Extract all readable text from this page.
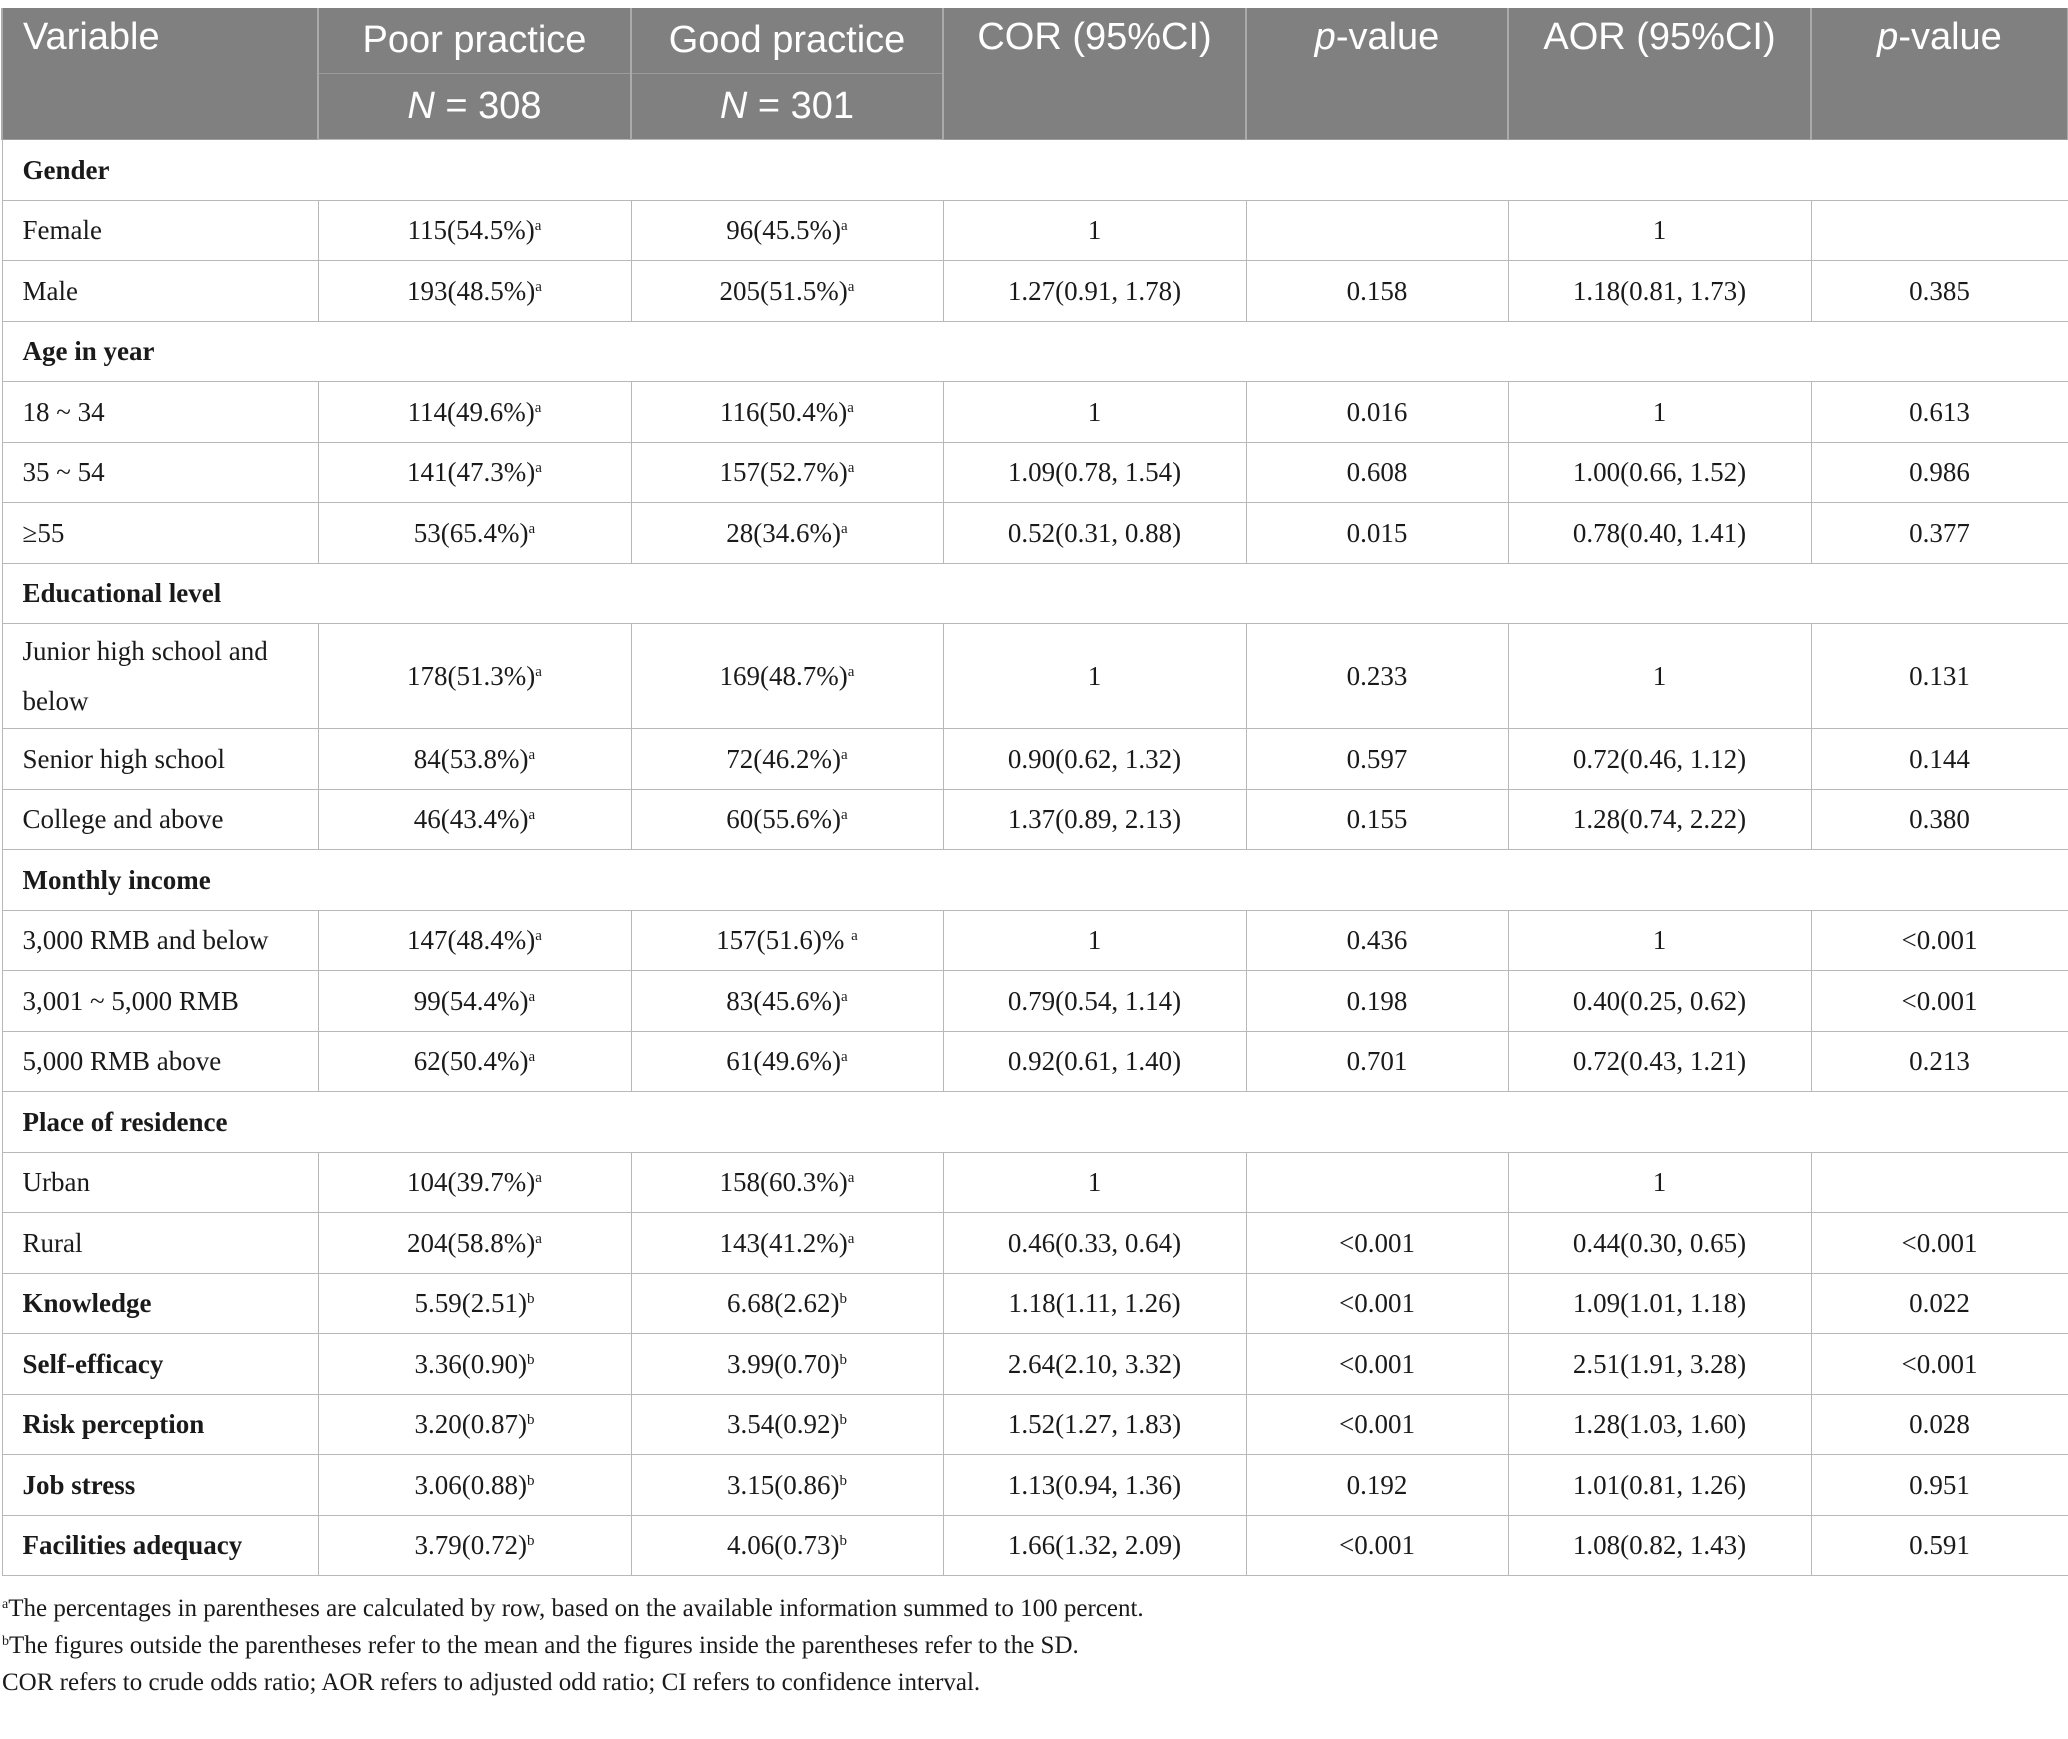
Variable	Poor practice	Good practice	COR (95%CI)	p-value	AOR (95%CI)	p-value
	N = 308	N = 301				
Gender						
Female	$115(54.5\%)^a$	$96(45.5\%)^a$	1		1	
Male	$193(48.5\%)^a$	$205(51.5\%)^a$	1.27(0.91, 1.78)	0.158	1.18(0.81, 1.73)	0.385
Age in year						
18 ~ 34	$114(49.6\%)^a$	$116(50.4\%)^a$	1	0.016	1	0.613
35 ~ 54	$141(47.3\%)^a$	$157(52.7\%)^a$	1.09(0.78, 1.54)	0.608	1.00(0.66, 1.52)	0.986
≥55	$53(65.4\%)^a$	$28(34.6\%)^a$	0.52(0.31, 0.88)	0.015	0.78(0.40, 1.41)	0.377
Educational level						
Junior high school and
below	$178(51.3\%)^a$	$169(48.7\%)^a$	1	0.233	1	0.131
Senior high school	$84(53.8\%)^a$	$72(46.2\%)^a$	0.90(0.62, 1.32)	0.597	0.72(0.46, 1.12)	0.144
College and above	$46(43.4\%)^a$	$60(55.6\%)^a$	1.37(0.89, 2.13)	0.155	1.28(0.74, 2.22)	0.380
Monthly income						
3,000 RMB and below	$147(48.4\%)^a$	157(51.6)% $^a$	1	0.436	1	<0.001
3,001 ~ 5,000 RMB	$99(54.4\%)^a$	$83(45.6\%)^a$	0.79(0.54, 1.14)	0.198	0.40(0.25, 0.62)	<0.001
5,000 RMB above	$62(50.4\%)^a$	$61(49.6\%)^a$	0.92(0.61, 1.40)	0.701	0.72(0.43, 1.21)	0.213
Place of residence						
Urban	$104(39.7\%)^a$	$158(60.3\%)^a$	1		1	
Rural	$204(58.8\%)^a$	$143(41.2\%)^a$	0.46(0.33, 0.64)	<0.001	0.44(0.30, 0.65)	<0.001
Knowledge	$5.59(2.51)^b$	$6.68(2.62)^b$	1.18(1.11, 1.26)	<0.001	1.09(1.01, 1.18)	0.022
Self-efficacy	$3.36(0.90)^b$	$3.99(0.70)^b$	2.64(2.10, 3.32)	<0.001	2.51(1.91, 3.28)	<0.001
Risk perception	$3.20(0.87)^b$	$3.54(0.92)^b$	1.52(1.27, 1.83)	<0.001	1.28(1.03, 1.60)	0.028
Job stress	$3.06(0.88)^b$	$3.15(0.86)^b$	1.13(0.94, 1.36)	0.192	1.01(0.81, 1.26)	0.951
Facilities adequacy	$3.79(0.72)^b$	$4.06(0.73)^b$	1.66(1.32, 2.09)	<0.001	1.08(0.82, 1.43)	0.591
$^a$The percentages in parentheses are calculated by row, based on the available information summed to 100 percent.
$^b$The figures outside the parentheses refer to the mean and the figures inside the parentheses refer to the SD.
COR refers to crude odds ratio; AOR refers to adjusted odd ratio; CI refers to confidence interval.
